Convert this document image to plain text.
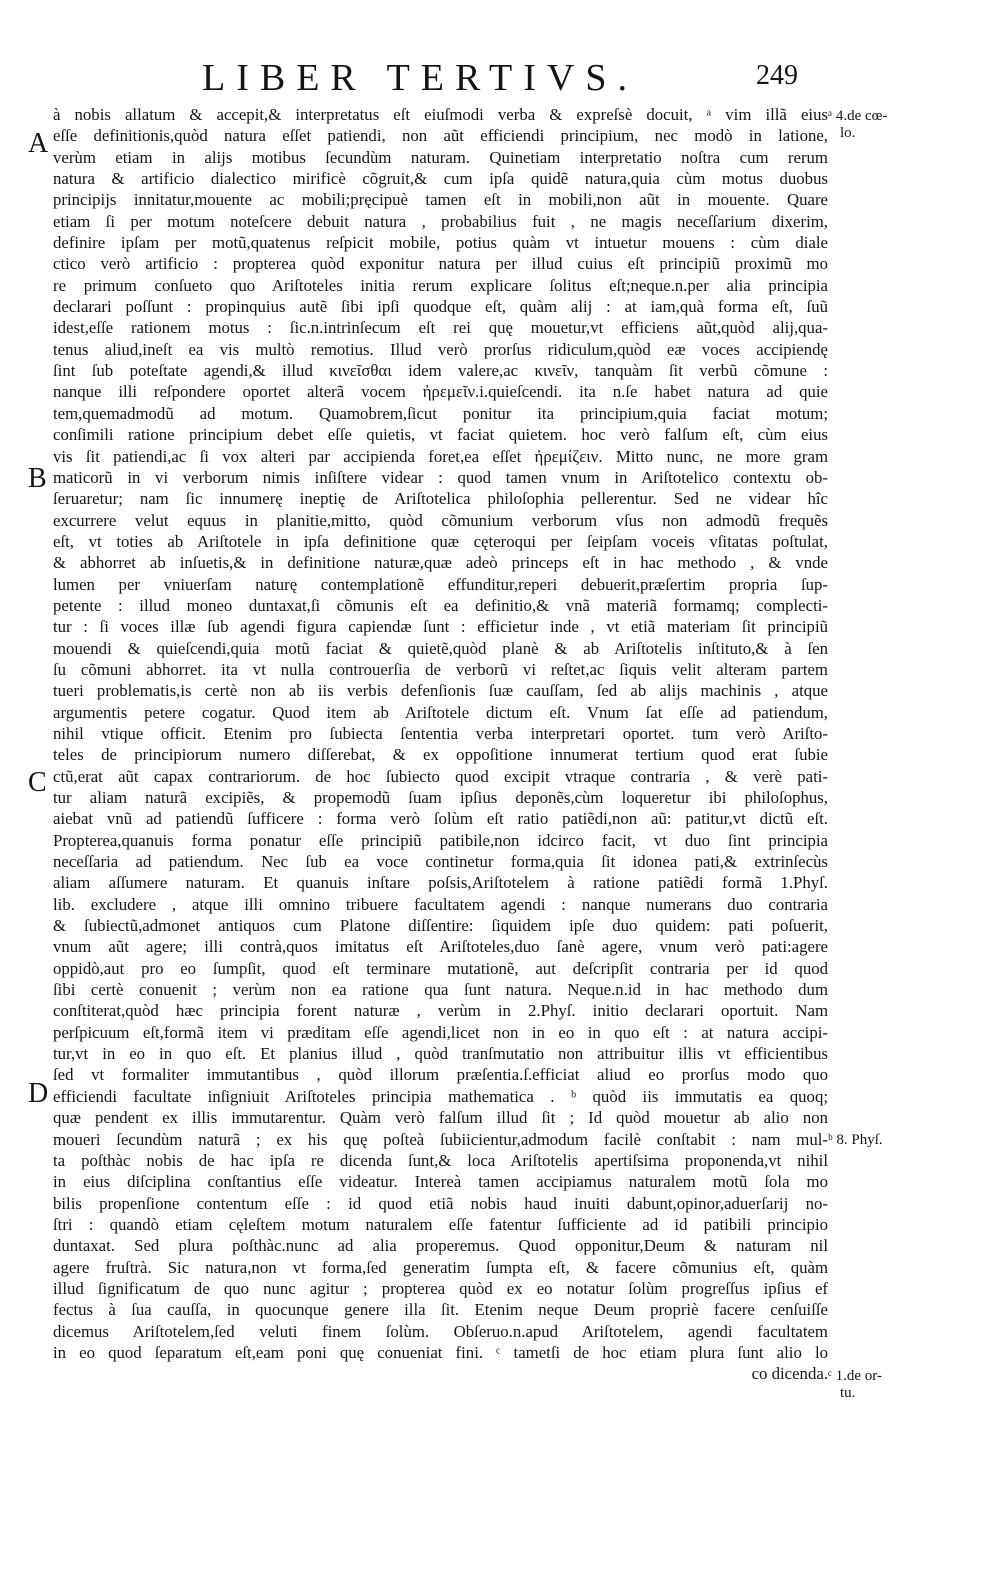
LIBER TERTIVS.	249
A
B
C
D
ᵃ 4.de cœ-
lo.
ᵇ 8. Phyſ.
ᶜ 1.de or-
tu.
à nobis allatum & accepit,& interpretatus eſt eiuſmodi verba & expreſsè docuit, ᵃ vim illã eius
eſſe definitionis,quòd natura eſſet patiendi, non aũt efficiendi principium, nec modò in latione,
verùm etiam in alijs motibus ſecundùm naturam. Quinetiam interpretatio noſtra cum rerum
natura & artificio dialectico mirificè cõgruit,& cum ipſa quidẽ natura,quia cùm motus duobus
principijs innitatur,mouente ac mobili;pręcipuè tamen eſt in mobili,non aũt in mouente. Quare
etiam ſi per motum noteſcere debuit natura , probabilius fuit , ne magis neceſſarium dixerim,
definire ipſam per motũ,quatenus reſpicit mobile, potius quàm vt intuetur mouens : cùm diale
ctico verò artificio : propterea quòd exponitur natura per illud cuius eſt principiũ proximũ mo
re primum conſueto quo Ariſtoteles initia rerum explicare ſolitus eſt;neque.n.per alia principia
declarari poſſunt : propinquius autẽ ſibi ipſi quodque eſt, quàm alij : at iam,quà forma eſt, ſuũ
idest,eſſe rationem motus : ſic.n.intrinſecum eſt rei quę mouetur,vt efficiens aũt,quòd alij,qua-
tenus aliud,ineſt ea vis multò remotius. Illud verò prorſus ridiculum,quòd eæ voces accipiendę
ſint ſub poteſtate agendi,& illud κινεῖσθαι idem valere,ac κινεῖν, tanquàm ſit verbũ cõmune :
nanque illi reſpondere oportet alterã vocem ἠρεμεῖν.i.quieſcendi. ita n.ſe habet natura ad quie
tem,quemadmodũ ad motum. Quamobrem,ſicut ponitur ita principium,quia faciat motum;
conſimili ratione principium debet eſſe quietis, vt faciat quietem. hoc verò falſum eſt, cùm eius
vis ſit patiendi,ac ſi vox alteri par accipienda foret,ea eſſet ἠρεμίζειν. Mitto nunc, ne more gram
maticorũ in vi verborum nimis inſiſtere videar : quod tamen vnum in Ariſtotelico contextu ob-
ſeruaretur; nam ſic innumerę ineptię de Ariſtotelica philoſophia pellerentur. Sed ne videar hîc
excurrere velut equus in planitie,mitto, quòd cõmunium verborum vſus non admodũ frequẽs
eſt, vt toties ab Ariſtotele in ipſa definitione quæ cęteroqui per ſeipſam voceis vſitatas poſtulat,
& abhorret ab inſuetis,& in definitione naturæ,quæ adeò princeps eſt in hac methodo , & vnde
lumen per vniuerſam naturę contemplationẽ effunditur,reperi debuerit,præſertim propria ſup-
petente : illud moneo duntaxat,ſi cõmunis eſt ea definitio,& vnã materiã formamq; complecti-
tur : ſi voces illæ ſub agendi figura capiendæ ſunt : efficietur inde , vt etiã materiam ſit principiũ
mouendi & quieſcendi,quia motũ faciat & quietẽ,quòd planè & ab Ariſtotelis inſtituto,& à ſen
ſu cõmuni abhorret. ita vt nulla controuerſia de verborũ vi reſtet,ac ſiquis velit alteram partem
tueri problematis,is certè non ab iis verbis defenſionis ſuæ cauſſam, ſed ab alijs machinis , atque
argumentis petere cogatur. Quod item ab Ariſtotele dictum eſt. Vnum ſat eſſe ad patiendum,
nihil vtique officit. Etenim pro ſubiecta ſententia verba interpretari oportet. tum verò Ariſto-
teles de principiorum numero diſſerebat, & ex oppoſitione innumerat tertium quod erat ſubie
ctũ,erat aũt capax contrariorum. de hoc ſubiecto quod excipit vtraque contraria , & verè pati-
tur aliam naturã excipiẽs, & propemodũ ſuam ipſius deponẽs,cùm loqueretur ibi philoſophus,
aiebat vnũ ad patiendũ ſufficere : forma verò ſolùm eſt ratio patiẽdi,non aũ: patitur,vt dictũ eſt.
Propterea,quanuis forma ponatur eſſe principiũ patibile,non idcirco facit, vt duo ſint principia
neceſſaria ad patiendum. Nec ſub ea voce continetur forma,quia ſit idonea pati,& extrinſecùs
aliam aſſumere naturam. Et quanuis inſtare poſsis,Ariſtotelem à ratione patiẽdi formã 1.Phyſ.
lib. excludere , atque illi omnino tribuere facultatem agendi : nanque numerans duo contraria
& ſubiectũ,admonet antiquos cum Platone diſſentire: ſiquidem ipſe duo quidem: pati poſuerit,
vnum aũt agere; illi contrà,quos imitatus eſt Ariſtoteles,duo ſanè agere, vnum verò pati:agere
oppidò,aut pro eo ſumpſit, quod eſt terminare mutationẽ, aut deſcripſit contraria per id quod
ſibi certè conuenit ; verùm non ea ratione qua ſunt natura. Neque.n.id in hac methodo dum
conſtiterat,quòd hæc principia forent naturæ , verùm in 2.Phyſ. initio declarari oportuit. Nam
perſpicuum eſt,formã item vi præditam eſſe agendi,licet non in eo in quo eſt : at natura accipi-
tur,vt in eo in quo eſt. Et planius illud , quòd tranſmutatio non attribuitur illis vt efficientibus
ſed vt formaliter immutantibus , quòd illorum præſentia.ſ.efficiat aliud eo prorſus modo quo
efficiendi facultate inſigniuit Ariſtoteles principia mathematica . ᵇ quòd iis immutatis ea quoq;
quæ pendent ex illis immutarentur. Quàm verò falſum illud ſit ; Id quòd mouetur ab alio non
moueri ſecundùm naturã ; ex his quę poſteà ſubiicientur,admodum facilè conſtabit : nam mul-
ta poſthàc nobis de hac ipſa re dicenda ſunt,& loca Ariſtotelis apertiſsima proponenda,vt nihil
in eius diſciplina conſtantius eſſe videatur. Intereà tamen accipiamus naturalem motũ ſola mo
bilis propenſione contentum eſſe : id quod etiã nobis haud inuiti dabunt,opinor,aduerſarij no-
ſtri : quandò etiam cęleſtem motum naturalem eſſe fatentur ſufficiente ad id patibili principio
duntaxat. Sed plura poſthàc.nunc ad alia properemus. Quod opponitur,Deum & naturam nil
agere fruſtrà. Sic natura,non vt forma,ſed generatim ſumpta eſt, & facere cõmunius eſt, quàm
illud ſignificatum de quo nunc agitur ; propterea quòd ex eo notatur ſolùm progreſſus ipſius ef
fectus à ſua cauſſa, in quocunque genere illa ſit. Etenim neque Deum propriè facere cenſuiſſe
dicemus Ariſtotelem,ſed veluti finem ſolùm. Obſeruo.n.apud Ariſtotelem, agendi facultatem
in eo quod ſeparatum eſt,eam poni quę conueniat fini. ᶜ tametſi de hoc etiam plura ſunt alio lo
co dicenda.
